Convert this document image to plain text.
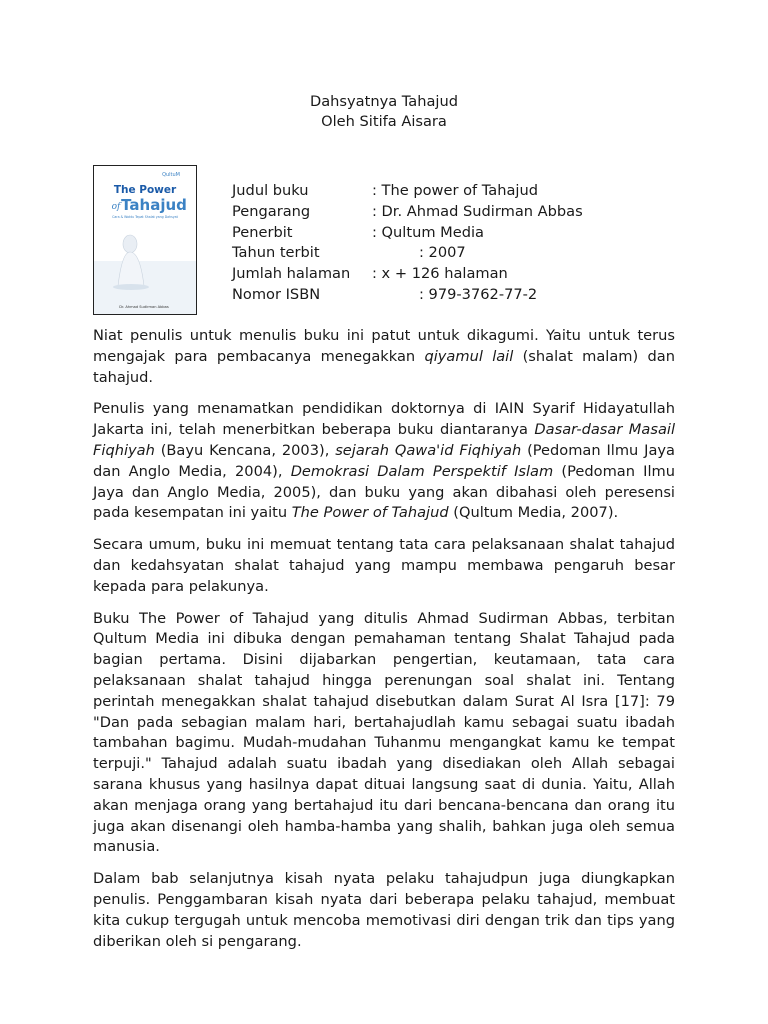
Dahsyatnya Tahajud
Oleh Sitifa Aisara
QultuM
The Power
of Tahajud
Cara & Waktu Tepat Shalat yang Dahsyat
Dr. Ahmad Sudirman Abbas
Judul buku	: The power of Tahajud
Pengarang	: Dr. Ahmad Sudirman Abbas
Penerbit	: Qultum Media
Tahun terbit	: 2007
Jumlah halaman	: x + 126 halaman
Nomor ISBN	: 979-3762-77-2

Niat penulis untuk menulis buku ini patut untuk dikagumi. Yaitu untuk terus mengajak para pembacanya menegakkan qiyamul lail (shalat malam) dan tahajud.

Penulis yang menamatkan pendidikan doktornya di IAIN Syarif Hidayatullah Jakarta ini, telah menerbitkan beberapa buku diantaranya Dasar-dasar Masail Fiqhiyah (Bayu Kencana, 2003), sejarah Qawa'id Fiqhiyah (Pedoman Ilmu Jaya dan Anglo Media, 2004), Demokrasi Dalam Perspektif Islam (Pedoman Ilmu Jaya dan Anglo Media, 2005), dan buku yang akan dibahasi oleh peresensi pada kesempatan ini yaitu The Power of Tahajud (Qultum Media, 2007).

Secara umum, buku ini memuat tentang tata cara pelaksanaan shalat tahajud dan kedahsyatan shalat tahajud yang mampu membawa pengaruh besar kepada para pelakunya.

Buku The Power of Tahajud yang ditulis Ahmad Sudirman Abbas, terbitan Qultum Media ini dibuka dengan pemahaman tentang Shalat Tahajud pada bagian pertama. Disini dijabarkan pengertian, keutamaan, tata cara pelaksanaan shalat tahajud hingga perenungan soal shalat ini. Tentang perintah menegakkan shalat tahajud disebutkan dalam Surat Al Isra [17]: 79 "Dan pada sebagian malam hari, bertahajudlah kamu sebagai suatu ibadah tambahan bagimu. Mudah-mudahan Tuhanmu mengangkat kamu ke tempat terpuji." Tahajud adalah suatu ibadah yang disediakan oleh Allah sebagai sarana khusus yang hasilnya dapat dituai langsung saat di dunia. Yaitu, Allah akan menjaga orang yang bertahajud itu dari bencana-bencana dan orang itu juga akan disenangi oleh hamba-hamba yang shalih, bahkan juga oleh semua manusia.

Dalam bab selanjutnya kisah nyata pelaku tahajudpun juga diungkapkan penulis. Penggambaran kisah nyata dari beberapa pelaku tahajud, membuat kita cukup tergugah untuk mencoba memotivasi diri dengan trik dan tips yang diberikan oleh si pengarang.
